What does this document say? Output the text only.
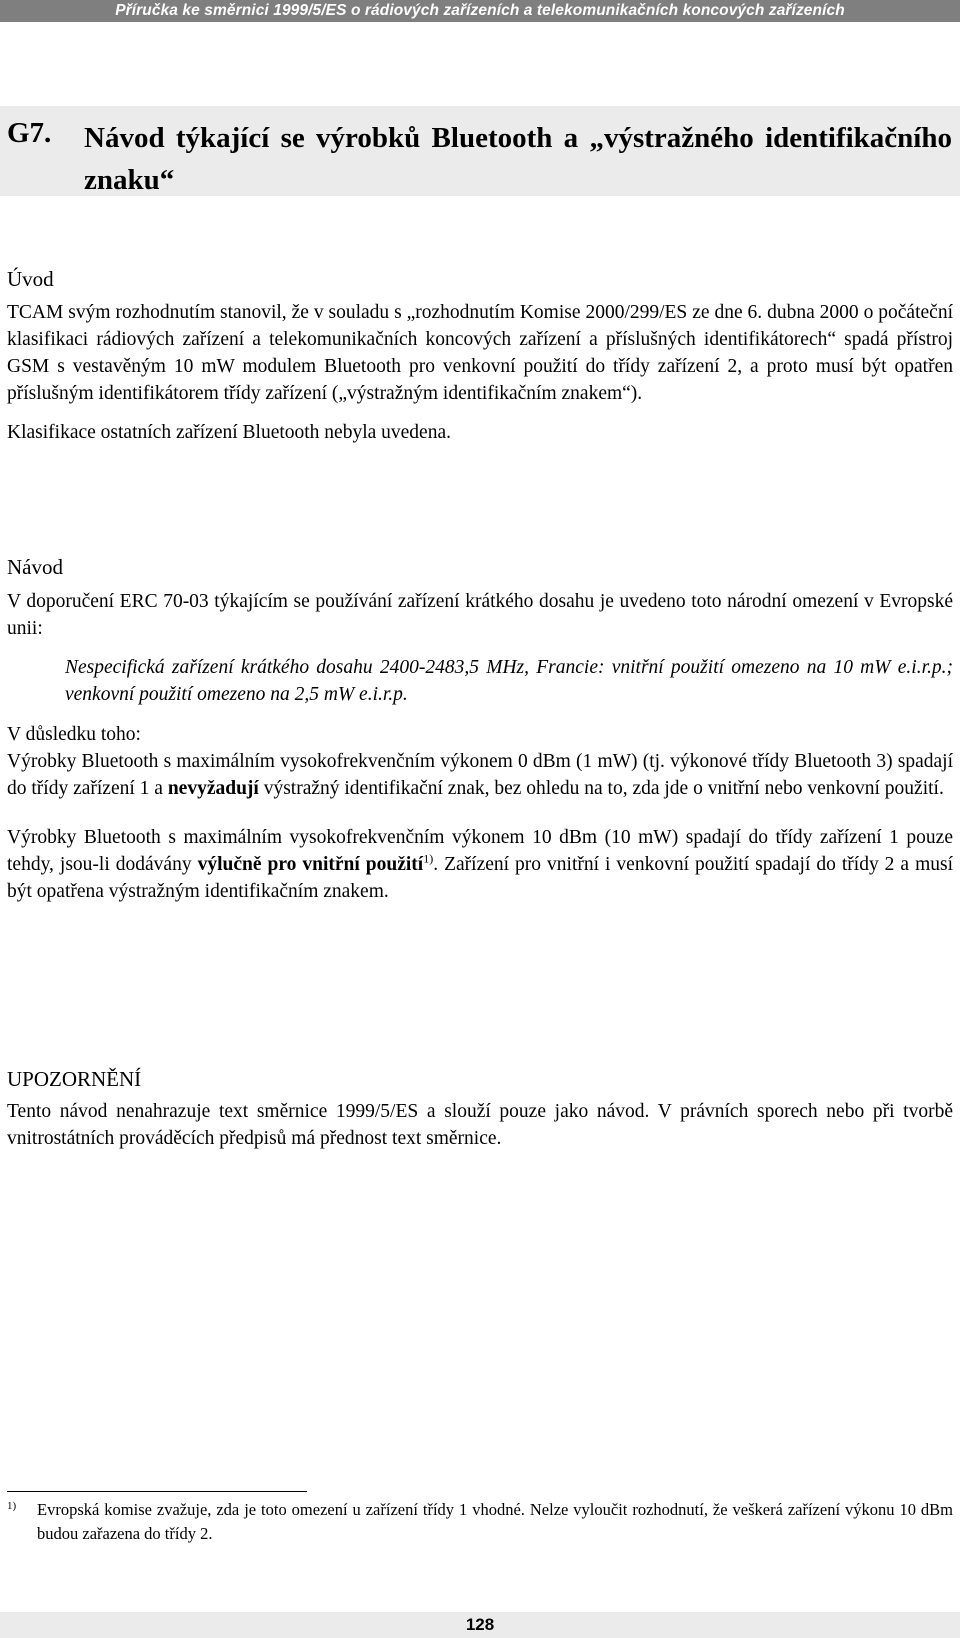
Příručka ke směrnici 1999/5/ES o rádiových zařízeních a telekomunikačních koncových zařízeních
G7. Návod týkající se výrobků Bluetooth a „výstražného identifikačního znaku“
Úvod

TCAM svým rozhodnutím stanovil, že v souladu s „rozhodnutím Komise 2000/299/ES ze dne 6. dubna 2000 o počáteční klasifikaci rádiových zařízení a telekomunikačních koncových zařízení a příslušných identifikátorech“ spadá přístroj GSM s vestavěným 10 mW modulem Bluetooth pro venkovní použití do třídy zařízení 2, a proto musí být opatřen příslušným identifikátorem třídy zařízení („výstražným identifikačním znakem“).

Klasifikace ostatních zařízení Bluetooth nebyla uvedena.

Návod

V doporučení ERC 70-03 týkajícím se používání zařízení krátkého dosahu je uvedeno toto národní omezení v Evropské unii:

Nespecifická zařízení krátkého dosahu 2400-2483,5 MHz, Francie: vnitřní použití omezeno na 10 mW e.i.r.p.; venkovní použití omezeno na 2,5 mW e.i.r.p.

V důsledku toho:

Výrobky Bluetooth s maximálním vysokofrekvenčním výkonem 0 dBm (1 mW) (tj. výkonové třídy Bluetooth 3) spadají do třídy zařízení 1 a nevyžadují výstražný identifikační znak, bez ohledu na to, zda jde o vnitřní nebo venkovní použití.

Výrobky Bluetooth s maximálním vysokofrekvenčním výkonem 10 dBm (10 mW) spadají do třídy zařízení 1 pouze tehdy, jsou-li dodávány výlučně pro vnitřní použití$^{1)}$. Zařízení pro vnitřní i venkovní použití spadají do třídy 2 a musí být opatřena výstražným identifikačním znakem.

UPOZORNĚNÍ

Tento návod nenahrazuje text směrnice 1999/5/ES a slouží pouze jako návod. V právních sporech nebo při tvorbě vnitrostátních prováděcích předpisů má přednost text směrnice.

1) Evropská komise zvažuje, zda je toto omezení u zařízení třídy 1 vhodné. Nelze vyloučit rozhodnutí, že veškerá zařízení výkonu 10 dBm budou zařazena do třídy 2.
128
